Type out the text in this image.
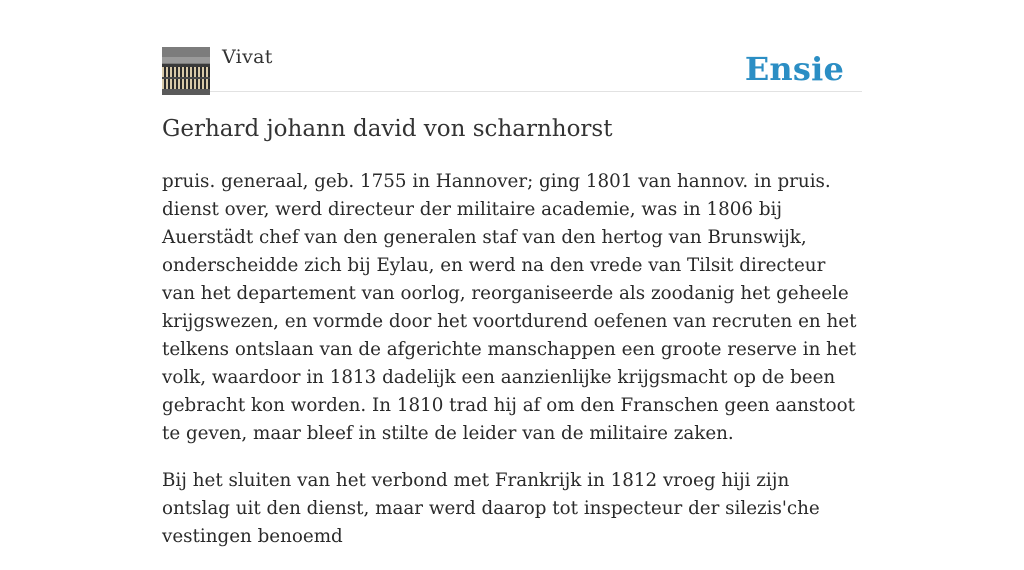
Vivat	Ensie
Gerhard johann david von scharnhorst

pruis. generaal, geb. 1755 in Hannover; ging 1801 van hannov. in pruis. dienst over, werd directeur der militaire academie, was in 1806 bij Auerstädt chef van den generalen staf van den hertog van Brunswijk, onderscheidde zich bij Eylau, en werd na den vrede van Tilsit directeur van het departement van oorlog, reorganiseerde als zoodanig het geheele krijgswezen, en vormde door het voortdurend oefenen van recruten en het telkens ontslaan van de afgerichte manschappen een groote reserve in het volk, waardoor in 1813 dadelijk een aanzienlijke krijgsmacht op de been gebracht kon worden. In 1810 trad hij af om den Franschen geen aanstoot te geven, maar bleef in stilte de leider van de militaire zaken.

Bij het sluiten van het verbond met Frankrijk in 1812 vroeg hiji zijn ontslag uit den dienst, maar werd daarop tot inspecteur der silezis'che vestingen benoemd
